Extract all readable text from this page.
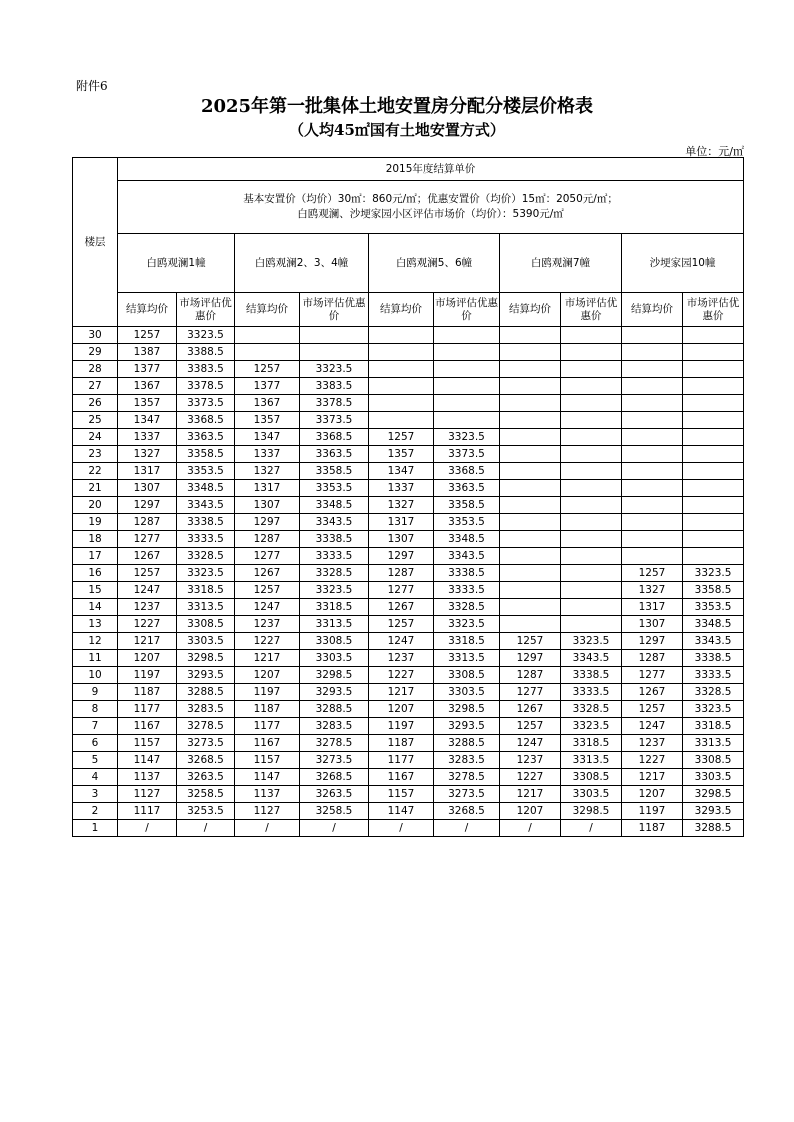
附件6
2025年第一批集体土地安置房分配分楼层价格表
（人均45㎡国有土地安置方式）
单位：元/㎡
楼层	2015年度结算单价									
	基本安置价（均价）30㎡：860元/㎡；优惠安置价（均价）15㎡：2050元/㎡；
白鸥观澜、沙埂家园小区评估市场价（均价）：5390元/㎡									
	白鸥观澜1幢		白鸥观澜2、3、4幢		白鸥观澜5、6幢		白鸥观澜7幢		沙埂家园10幢	
	结算均价	市场评估优惠价	结算均价	市场评估优惠价	结算均价	市场评估优惠价	结算均价	市场评估优惠价	结算均价	市场评估优惠价
30	1257	3323.5								
29	1387	3388.5								
28	1377	3383.5	1257	3323.5						
27	1367	3378.5	1377	3383.5						
26	1357	3373.5	1367	3378.5						
25	1347	3368.5	1357	3373.5						
24	1337	3363.5	1347	3368.5	1257	3323.5				
23	1327	3358.5	1337	3363.5	1357	3373.5				
22	1317	3353.5	1327	3358.5	1347	3368.5				
21	1307	3348.5	1317	3353.5	1337	3363.5				
20	1297	3343.5	1307	3348.5	1327	3358.5				
19	1287	3338.5	1297	3343.5	1317	3353.5				
18	1277	3333.5	1287	3338.5	1307	3348.5				
17	1267	3328.5	1277	3333.5	1297	3343.5				
16	1257	3323.5	1267	3328.5	1287	3338.5			1257	3323.5
15	1247	3318.5	1257	3323.5	1277	3333.5			1327	3358.5
14	1237	3313.5	1247	3318.5	1267	3328.5			1317	3353.5
13	1227	3308.5	1237	3313.5	1257	3323.5			1307	3348.5
12	1217	3303.5	1227	3308.5	1247	3318.5	1257	3323.5	1297	3343.5
11	1207	3298.5	1217	3303.5	1237	3313.5	1297	3343.5	1287	3338.5
10	1197	3293.5	1207	3298.5	1227	3308.5	1287	3338.5	1277	3333.5
9	1187	3288.5	1197	3293.5	1217	3303.5	1277	3333.5	1267	3328.5
8	1177	3283.5	1187	3288.5	1207	3298.5	1267	3328.5	1257	3323.5
7	1167	3278.5	1177	3283.5	1197	3293.5	1257	3323.5	1247	3318.5
6	1157	3273.5	1167	3278.5	1187	3288.5	1247	3318.5	1237	3313.5
5	1147	3268.5	1157	3273.5	1177	3283.5	1237	3313.5	1227	3308.5
4	1137	3263.5	1147	3268.5	1167	3278.5	1227	3308.5	1217	3303.5
3	1127	3258.5	1137	3263.5	1157	3273.5	1217	3303.5	1207	3298.5
2	1117	3253.5	1127	3258.5	1147	3268.5	1207	3298.5	1197	3293.5
1	/	/	/	/	/	/	/	/	1187	3288.5
